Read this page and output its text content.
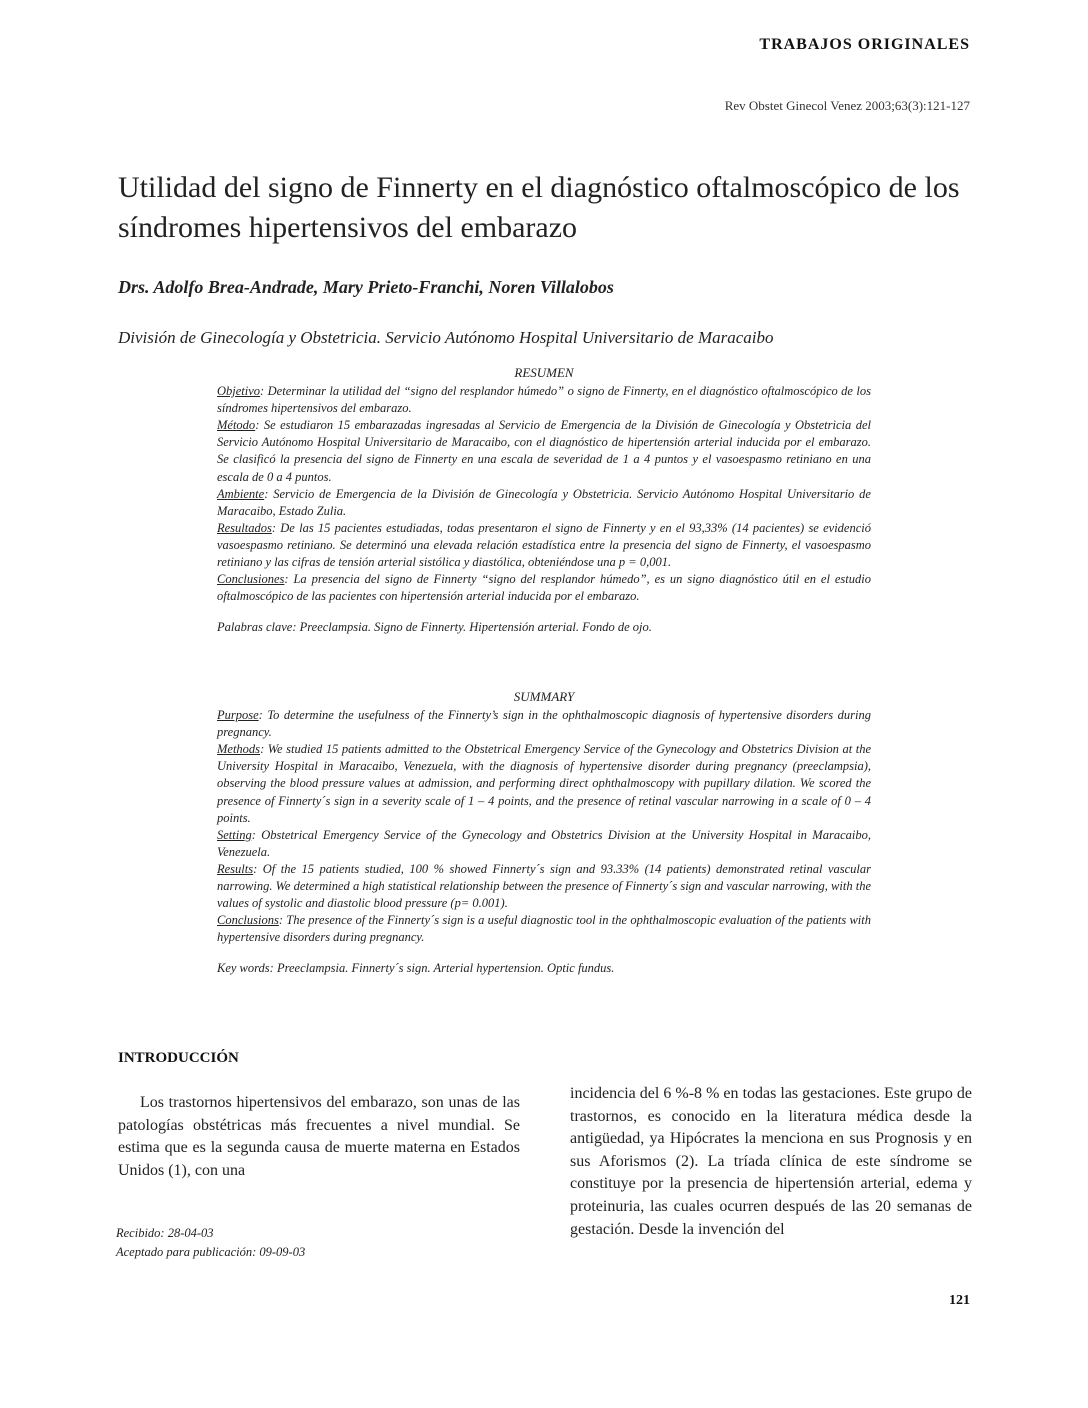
TRABAJOS ORIGINALES
Rev Obstet Ginecol Venez 2003;63(3):121-127
Utilidad del signo de Finnerty en el diagnóstico oftalmoscópico de los síndromes hipertensivos del embarazo
Drs. Adolfo Brea-Andrade, Mary Prieto-Franchi, Noren Villalobos
División de Ginecología y Obstetricia. Servicio Autónomo Hospital Universitario de Maracaibo

RESUMEN

Objetivo: Determinar la utilidad del “signo del resplandor húmedo” o signo de Finnerty, en el diagnóstico oftalmoscópico de los síndromes hipertensivos del embarazo.

Método: Se estudiaron 15 embarazadas ingresadas al Servicio de Emergencia de la División de Ginecología y Obstetricia del Servicio Autónomo Hospital Universitario de Maracaibo, con el diagnóstico de hipertensión arterial inducida por el embarazo. Se clasificó la presencia del signo de Finnerty en una escala de severidad de 1 a 4 puntos y el vasoespasmo retiniano en una escala de 0 a 4 puntos.

Ambiente: Servicio de Emergencia de la División de Ginecología y Obstetricia. Servicio Autónomo Hospital Universitario de Maracaibo, Estado Zulia.

Resultados: De las 15 pacientes estudiadas, todas presentaron el signo de Finnerty y en el 93,33% (14 pacientes) se evidenció vasoespasmo retiniano. Se determinó una elevada relación estadística entre la presencia del signo de Finnerty, el vasoespasmo retiniano y las cifras de tensión arterial sistólica y diastólica, obteniéndose una p = 0,001.

Conclusiones: La presencia del signo de Finnerty “signo del resplandor húmedo”, es un signo diagnóstico útil en el estudio oftalmoscópico de las pacientes con hipertensión arterial inducida por el embarazo.

Palabras clave: Preeclampsia. Signo de Finnerty. Hipertensión arterial. Fondo de ojo.

SUMMARY

Purpose: To determine the usefulness of the Finnerty’s sign in the ophthalmoscopic diagnosis of hypertensive disorders during pregnancy.

Methods: We studied 15 patients admitted to the Obstetrical Emergency Service of the Gynecology and Obstetrics Division at the University Hospital in Maracaibo, Venezuela, with the diagnosis of hypertensive disorder during pregnancy (preeclampsia), observing the blood pressure values at admission, and performing direct ophthalmoscopy with pupillary dilation. We scored the presence of Finnerty´s sign in a severity scale of 1 – 4 points, and the presence of retinal vascular narrowing in a scale of 0 – 4 points.

Setting: Obstetrical Emergency Service of the Gynecology and Obstetrics Division at the University Hospital in Maracaibo, Venezuela.

Results: Of the 15 patients studied, 100 % showed Finnerty´s sign and 93.33% (14 patients) demonstrated retinal vascular narrowing. We determined a high statistical relationship between the presence of Finnerty´s sign and vascular narrowing, with the values of systolic and diastolic blood pressure (p= 0.001).

Conclusions: The presence of the Finnerty´s sign is a useful diagnostic tool in the ophthalmoscopic evaluation of the patients with hypertensive disorders during pregnancy.

Key words: Preeclampsia. Finnerty´s sign. Arterial hypertension. Optic fundus.

INTRODUCCIÓN

Los trastornos hipertensivos del embarazo, son unas de las patologías obstétricas más frecuentes a nivel mundial. Se estima que es la segunda causa de muerte materna en Estados Unidos (1), con una

incidencia del 6 %-8 % en todas las gestaciones. Este grupo de trastornos, es conocido en la literatura médica desde la antigüedad, ya Hipócrates la menciona en sus Prognosis y en sus Aforismos (2). La tríada clínica de este síndrome se constituye por la presencia de hipertensión arterial, edema y proteinuria, las cuales ocurren después de las 20 semanas de gestación. Desde la invención del

Recibido: 28-04-03
Aceptado para publicación: 09-09-03
121
